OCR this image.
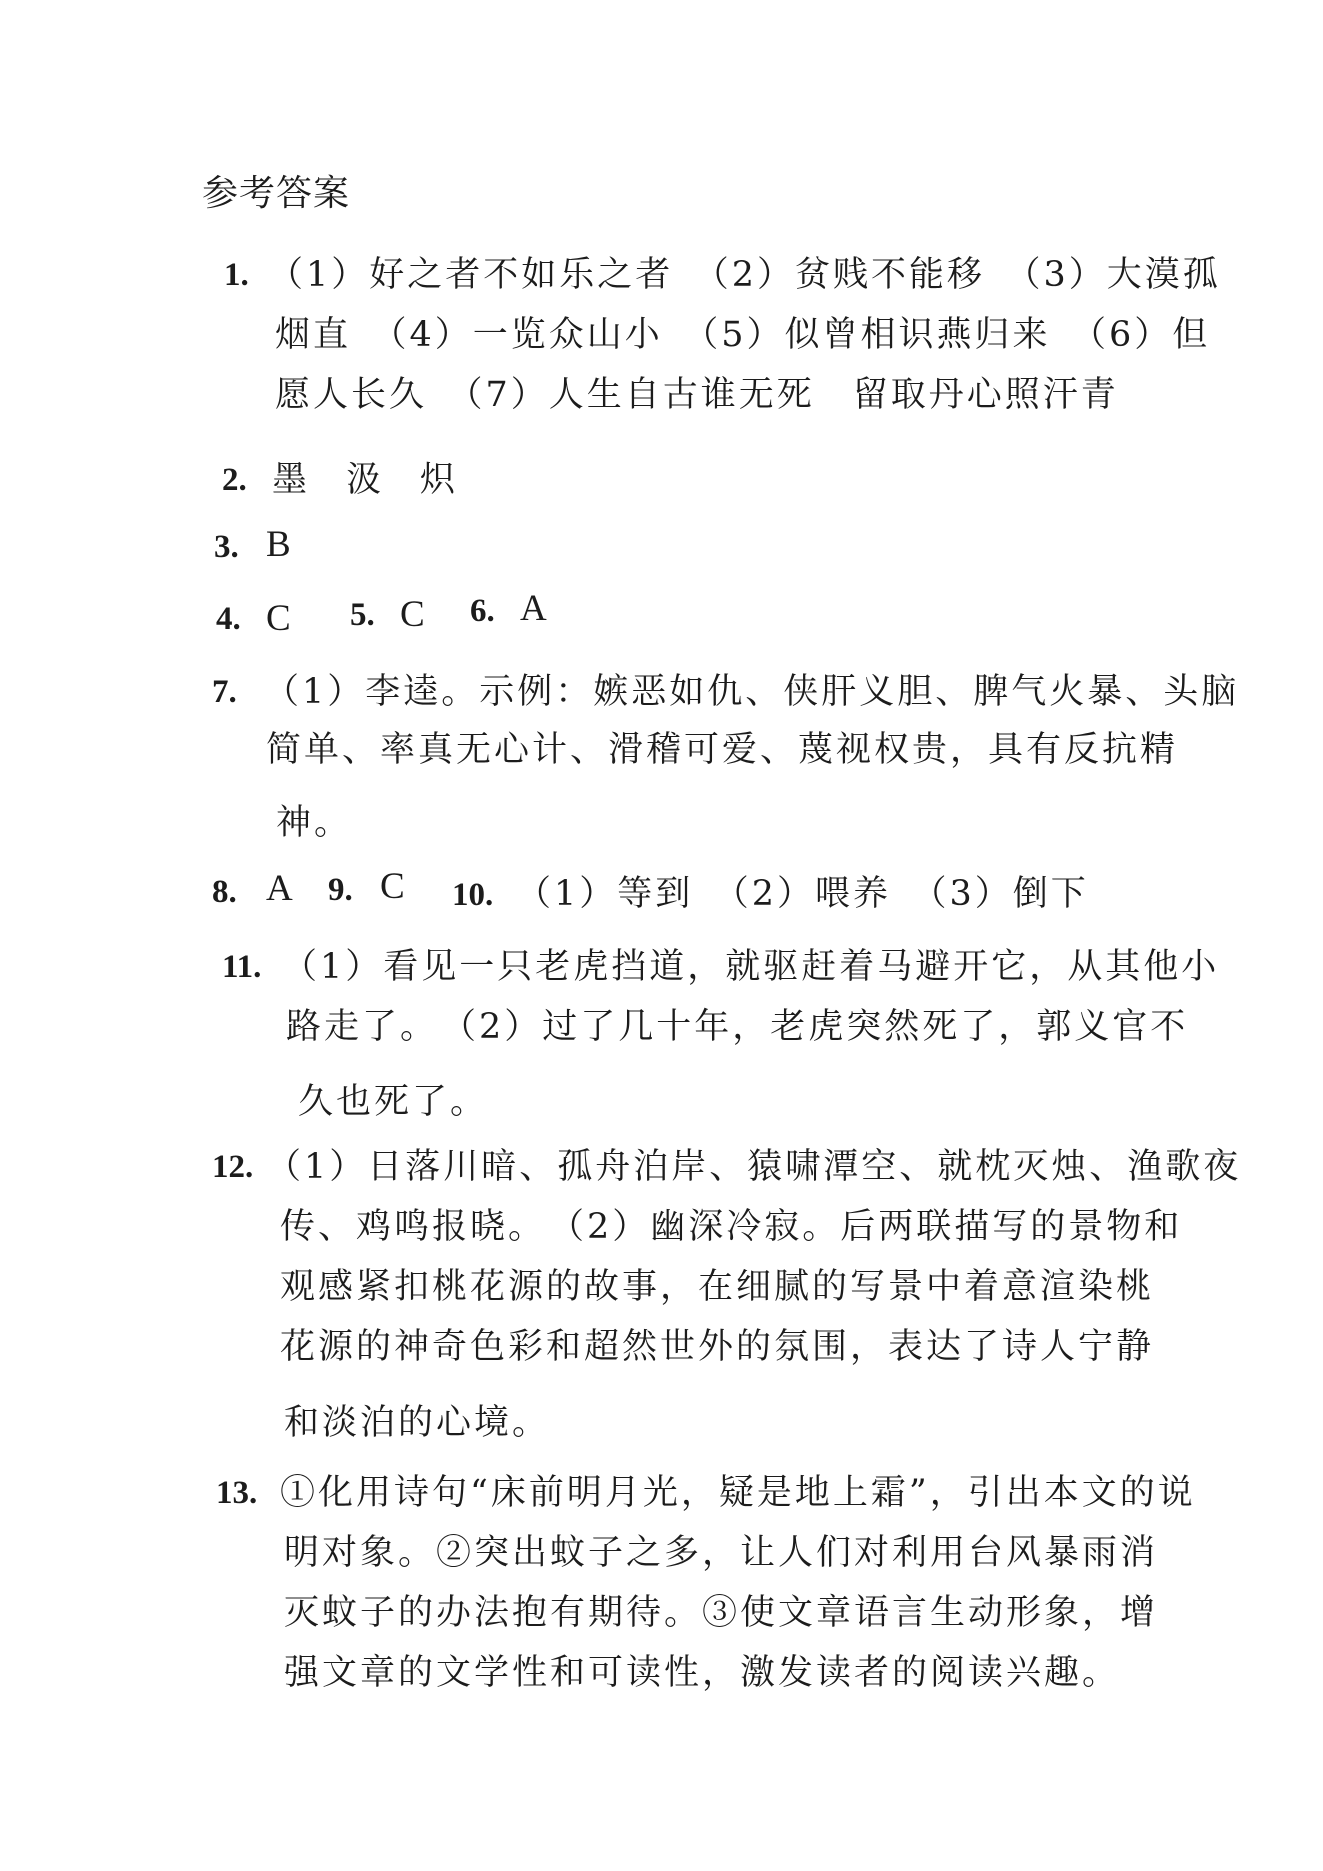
参考答案
1. （1）好之者不如乐之者　（2）贫贱不能移　（3）大漠孤
烟直　（4）一览众山小　（5）似曾相识燕归来　（6）但
愿人长久　（7）人生自古谁无死　留取丹心照汗青
2. 墨　汲　炽
3. B
4. C 5. C 6. A
7. （1）李逵。示例：嫉恶如仇、侠肝义胆、脾气火暴、头脑
简单、率真无心计、滑稽可爱、蔑视权贵，具有反抗精
神。
8. A 9. C 10. （1）等到　（2）喂养　（3）倒下
11. （1）看见一只老虎挡道，就驱赶着马避开它，从其他小
路走了。　（2）过了几十年，老虎突然死了，郭义官不
久也死了。
12. （1）日落川暗、孤舟泊岸、猿啸潭空、就枕灭烛、渔歌夜
传、鸡鸣报晓。　（2）幽深冷寂。后两联描写的景物和
观感紧扣桃花源的故事，在细腻的写景中着意渲染桃
花源的神奇色彩和超然世外的氛围，表达了诗人宁静
和淡泊的心境。
13. ①化用诗句“床前明月光，疑是地上霜”，引出本文的说
明对象。②突出蚊子之多，让人们对利用台风暴雨消
灭蚊子的办法抱有期待。③使文章语言生动形象，增
强文章的文学性和可读性，激发读者的阅读兴趣。
